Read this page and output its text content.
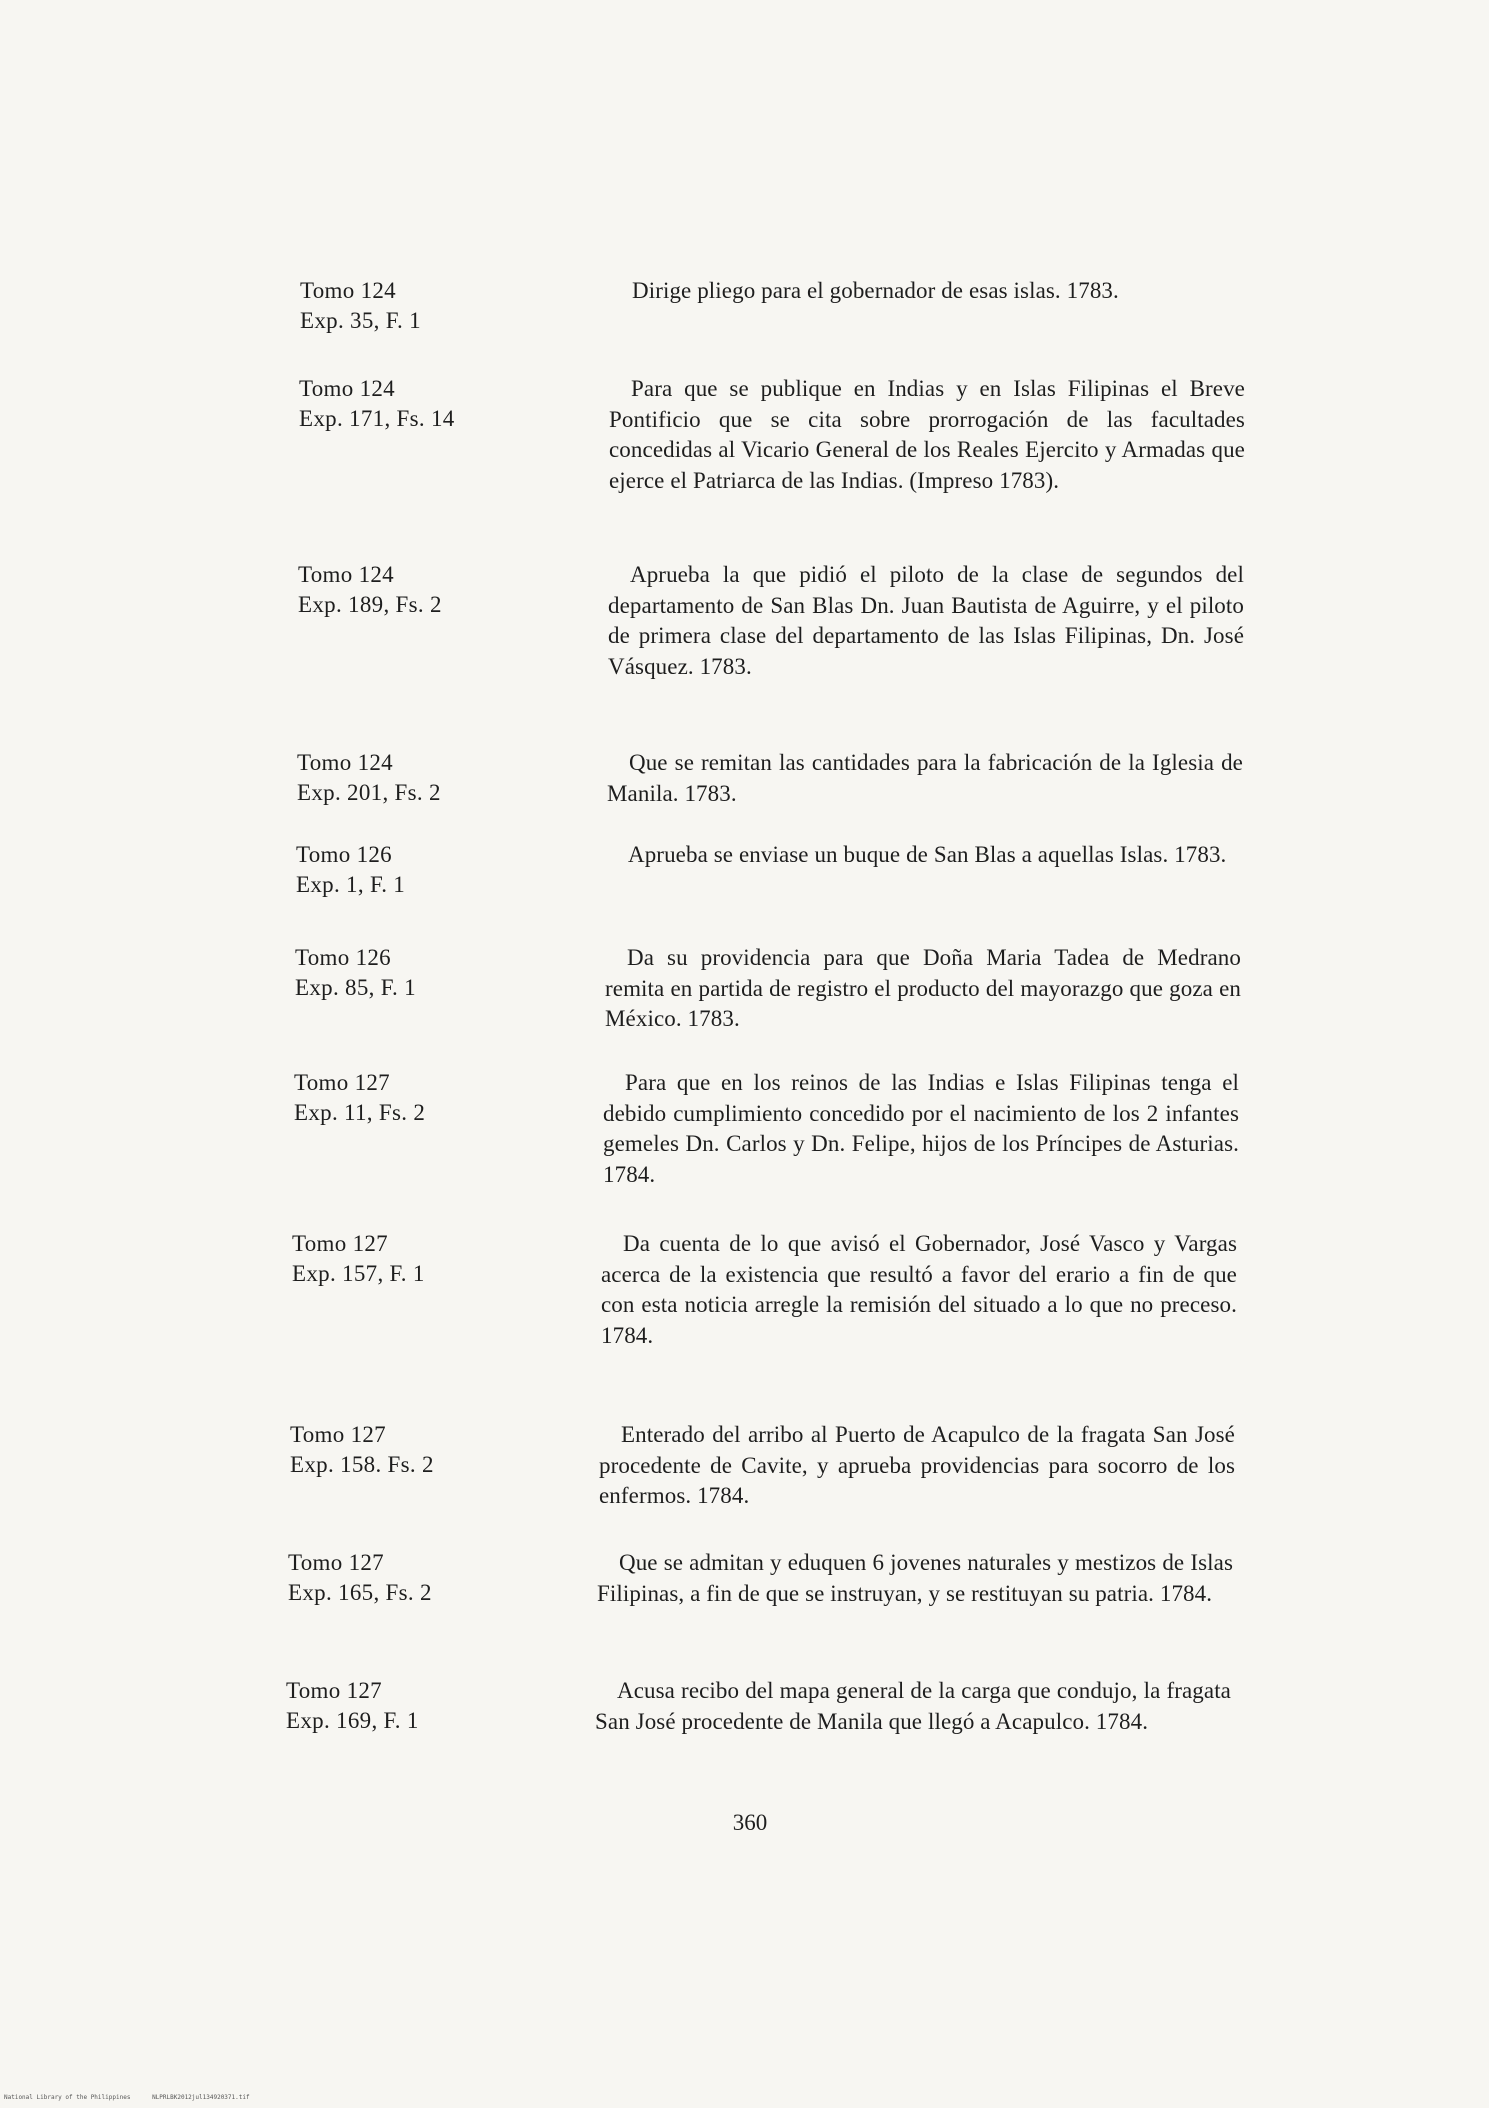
Tomo 124
Exp. 35, F. 1
Dirige pliego para el gobernador de esas islas. 1783.
Tomo 124
Exp. 171, Fs. 14
Para que se publique en Indias y en Islas Filipinas el Breve Pontificio que se cita sobre prorrogación de las facultades concedidas al Vicario General de los Reales Ejercito y Armadas que ejerce el Patriarca de las Indias. (Impreso 1783).
Tomo 124
Exp. 189, Fs. 2
Aprueba la que pidió el piloto de la clase de segundos del departamento de San Blas Dn. Juan Bautista de Aguirre, y el piloto de primera clase del departamento de las Islas Filipinas, Dn. José Vásquez. 1783.
Tomo 124
Exp. 201, Fs. 2
Que se remitan las cantidades para la fabricación de la Iglesia de Manila. 1783.
Tomo 126
Exp. 1, F. 1
Aprueba se enviase un buque de San Blas a aquellas Islas. 1783.
Tomo 126
Exp. 85, F. 1
Da su providencia para que Doña Maria Tadea de Medrano remita en partida de registro el producto del mayorazgo que goza en México. 1783.
Tomo 127
Exp. 11, Fs. 2
Para que en los reinos de las Indias e Islas Filipinas tenga el debido cumplimiento concedido por el nacimiento de los 2 infantes gemeles Dn. Carlos y Dn. Felipe, hijos de los Príncipes de Asturias. 1784.
Tomo 127
Exp. 157, F. 1
Da cuenta de lo que avisó el Gobernador, José Vasco y Vargas acerca de la existencia que resultó a favor del erario a fin de que con esta noticia arregle la remisión del situado a lo que no preceso. 1784.
Tomo 127
Exp. 158. Fs. 2
Enterado del arribo al Puerto de Acapulco de la fragata San José procedente de Cavite, y aprueba providencias para socorro de los enfermos. 1784.
Tomo 127
Exp. 165, Fs. 2
Que se admitan y eduquen 6 jovenes naturales y mestizos de Islas Filipinas, a fin de que se instruyan, y se restituyan su patria. 1784.
Tomo 127
Exp. 169, F. 1
Acusa recibo del mapa general de la carga que condujo, la fragata San José procedente de Manila que llegó a Acapulco. 1784.
360
National Library of the Philippines	NLPRLBK2012jul134920371.tif
